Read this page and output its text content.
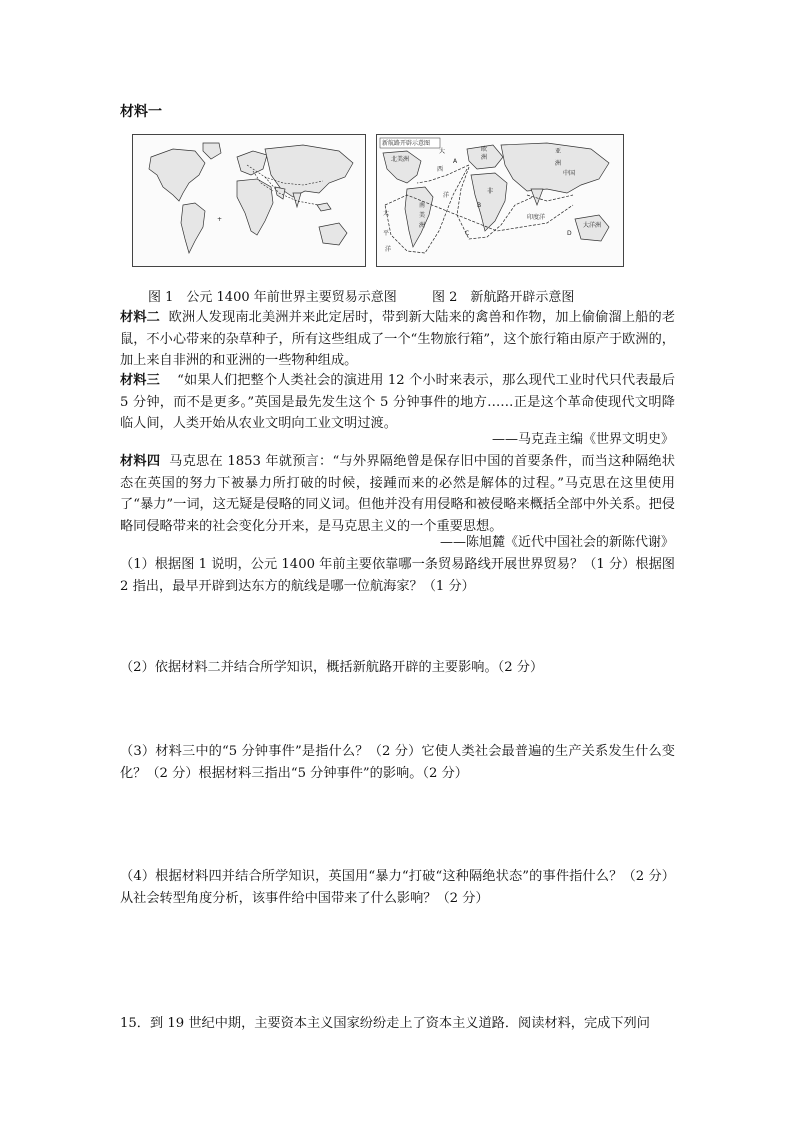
材料一
+
新航路开辟示意图
北美洲
大
西
洋
南
美
洲
太
平
洋
欧
洲
亚
洲
中国
印度洋
大洋洲
非
A
B
C	D
图 1　公元 1400 年前世界主要贸易示意图	图 2　新航路开辟示意图
材料二 欧洲人发现南北美洲并来此定居时，带到新大陆来的禽兽和作物，加上偷偷溜上船的老鼠，不小心带来的杂草种子，所有这些组成了一个“生物旅行箱”，这个旅行箱由原产于欧洲的，加上来自非洲的和亚洲的一些物种组成。
材料三 “如果人们把整个人类社会的演进用 12 个小时来表示，那么现代工业时代只代表最后 5 分钟，而不是更多。”英国是最先发生这个 5 分钟事件的地方……正是这个革命使现代文明降临人间，人类开始从农业文明向工业文明过渡。
——马克垚主编《世界文明史》
材料四 马克思在 1853 年就预言：“与外界隔绝曾是保存旧中国的首要条件，而当这种隔绝状态在英国的努力下被暴力所打破的时候，接踵而来的必然是解体的过程。”马克思在这里使用了“暴力”一词，这无疑是侵略的同义词。但他并没有用侵略和被侵略来概括全部中外关系。把侵略同侵略带来的社会变化分开来，是马克思主义的一个重要思想。
——陈旭麓《近代中国社会的新陈代谢》
（1）根据图 1 说明，公元 1400 年前主要依靠哪一条贸易路线开展世界贸易？（1 分）根据图 2 指出，最早开辟到达东方的航线是哪一位航海家？（1 分）
（2）依据材料二并结合所学知识，概括新航路开辟的主要影响。（2 分）
（3）材料三中的“5 分钟事件”是指什么？（2 分）它使人类社会最普遍的生产关系发生什么变化？（2 分）根据材料三指出“5 分钟事件”的影响。（2 分）
（4）根据材料四并结合所学知识，英国用“暴力“打破“这种隔绝状态”的事件指什么？（2 分）从社会转型角度分析，该事件给中国带来了什么影响？（2 分）
15．到 19 世纪中期，主要资本主义国家纷纷走上了资本主义道路．阅读材料，完成下列问
